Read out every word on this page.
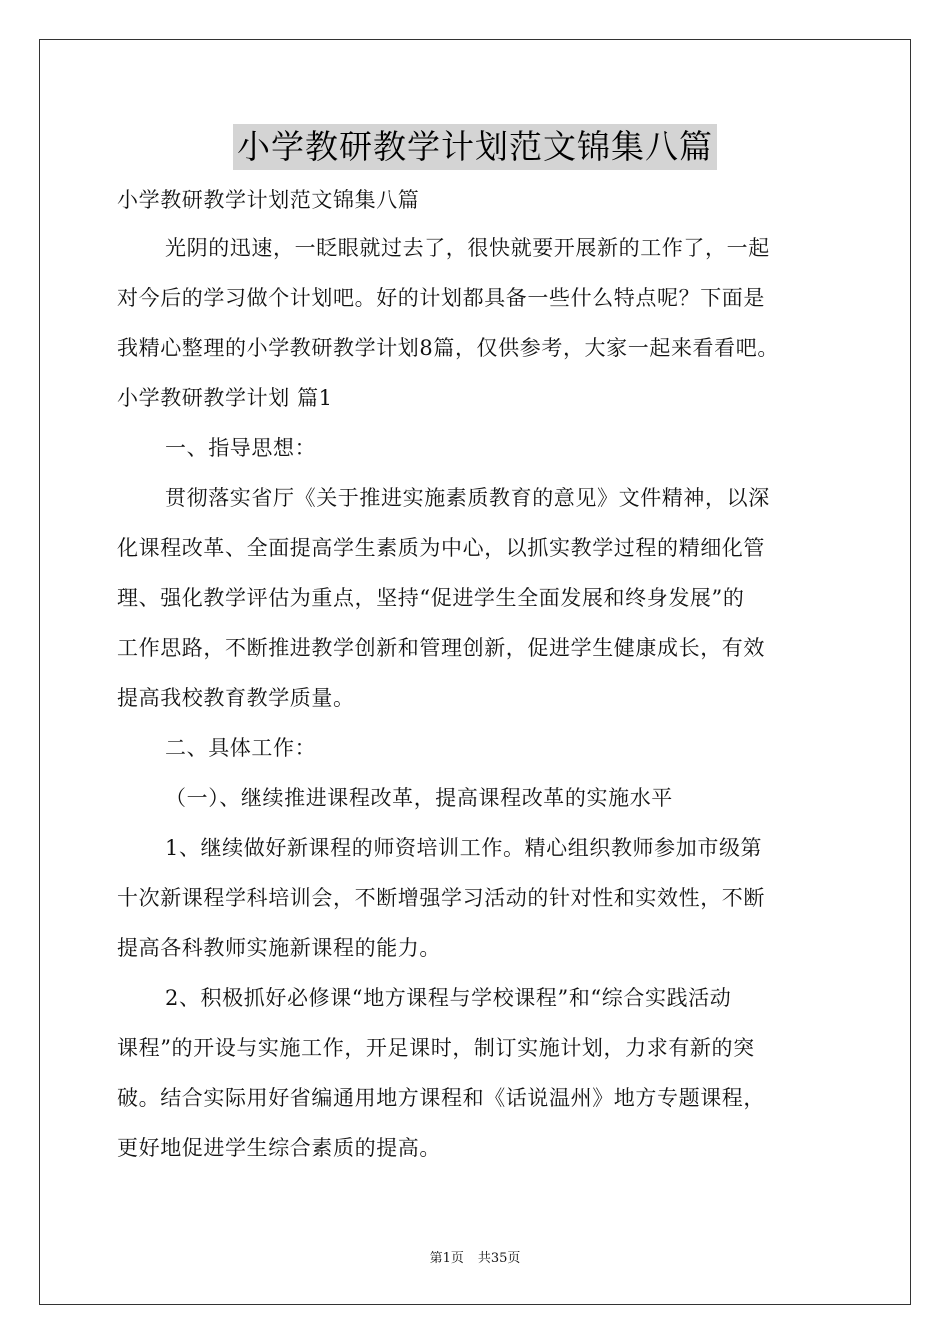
小学教研教学计划范文锦集八篇
小学教研教学计划范文锦集八篇
光阴的迅速，一眨眼就过去了，很快就要开展新的工作了，一起
对今后的学习做个计划吧。好的计划都具备一些什么特点呢？下面是
我精心整理的小学教研教学计划8篇，仅供参考，大家一起来看看吧。
小学教研教学计划 篇1
一、指导思想：
贯彻落实省厅《关于推进实施素质教育的意见》文件精神，以深
化课程改革、全面提高学生素质为中心，以抓实教学过程的精细化管
理、强化教学评估为重点，坚持“促进学生全面发展和终身发展”的
工作思路，不断推进教学创新和管理创新，促进学生健康成长，有效
提高我校教育教学质量。
二、具体工作：
（一）、继续推进课程改革，提高课程改革的实施水平
1、继续做好新课程的师资培训工作。精心组织教师参加市级第
十次新课程学科培训会，不断增强学习活动的针对性和实效性，不断
提高各科教师实施新课程的能力。
2、积极抓好必修课“地方课程与学校课程”和“综合实践活动
课程”的开设与实施工作，开足课时，制订实施计划，力求有新的突
破。结合实际用好省编通用地方课程和《话说温州》地方专题课程，
更好地促进学生综合素质的提高。
第1页 共35页
